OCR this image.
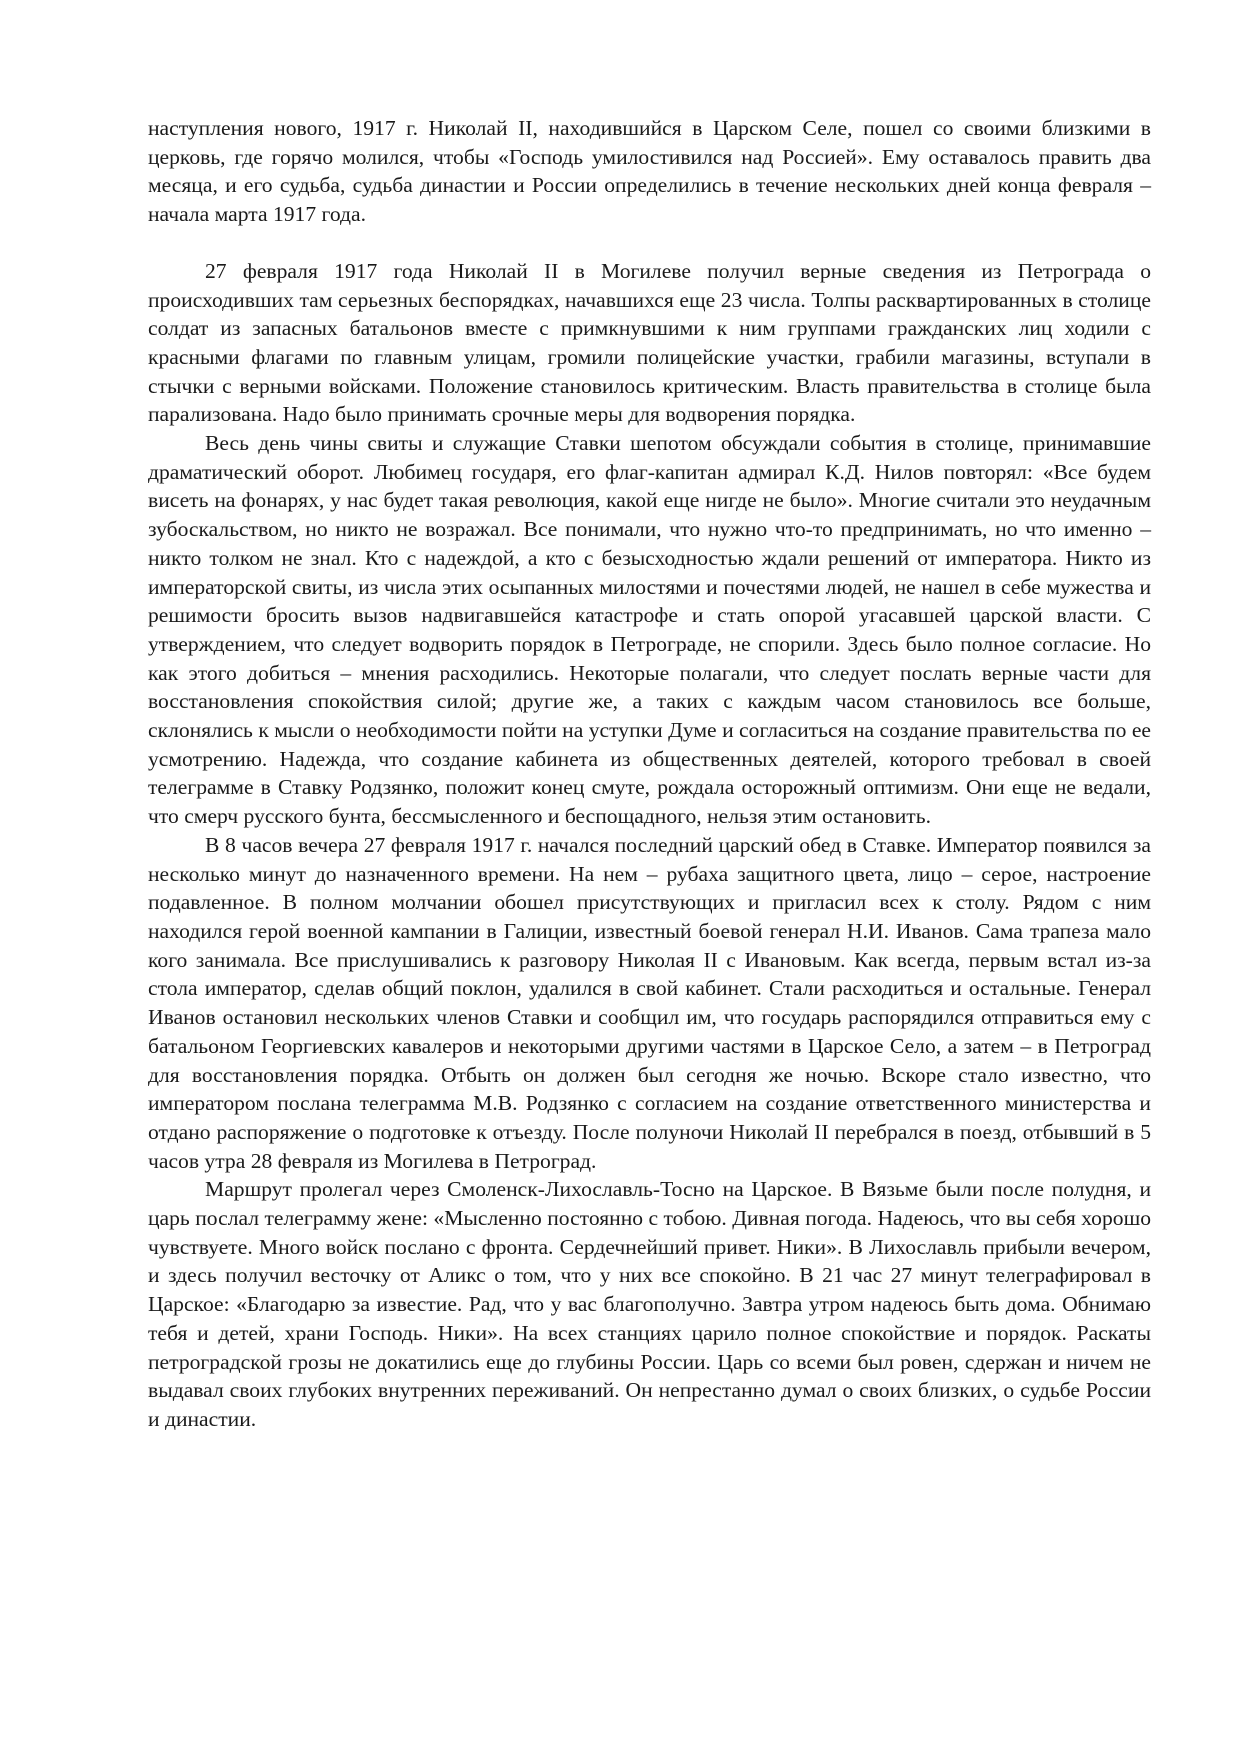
наступления нового, 1917 г. Николай II, находившийся в Царском Селе, пошел со своими близкими в церковь, где горячо молился, чтобы «Господь умилостивился над Россией». Ему оставалось править два месяца, и его судьба, судьба династии и России определились в течение нескольких дней конца февраля – начала марта 1917 года.

27 февраля 1917 года Николай II в Могилеве получил верные сведения из Петрограда о происходивших там серьезных беспорядках, начавшихся еще 23 числа. Толпы расквартированных в столице солдат из запасных батальонов вместе с примкнувшими к ним группами гражданских лиц ходили с красными флагами по главным улицам, громили полицейские участки, грабили магазины, вступали в стычки с верными войсками. Положение становилось критическим. Власть правительства в столице была парализована. Надо было принимать срочные меры для водворения порядка.

Весь день чины свиты и служащие Ставки шепотом обсуждали события в столице, принимавшие драматический оборот. Любимец государя, его флаг-капитан адмирал К.Д. Нилов повторял: «Все будем висеть на фонарях, у нас будет такая революция, какой еще нигде не было». Многие считали это неудачным зубоскальством, но никто не возражал. Все понимали, что нужно что-то предпринимать, но что именно – никто толком не знал. Кто с надеждой, а кто с безысходностью ждали решений от императора. Никто из императорской свиты, из числа этих осыпанных милостями и почестями людей, не нашел в себе мужества и решимости бросить вызов надвигавшейся катастрофе и стать опорой угасавшей царской власти. С утверждением, что следует водворить порядок в Петрограде, не спорили. Здесь было полное согласие. Но как этого добиться – мнения расходились. Некоторые полагали, что следует послать верные части для восстановления спокойствия силой; другие же, а таких с каждым часом становилось все больше, склонялись к мысли о необходимости пойти на уступки Думе и согласиться на создание правительства по ее усмотрению. Надежда, что создание кабинета из общественных деятелей, которого требовал в своей телеграмме в Ставку Родзянко, положит конец смуте, рождала осторожный оптимизм. Они еще не ведали, что смерч русского бунта, бессмысленного и беспощадного, нельзя этим остановить.

В 8 часов вечера 27 февраля 1917 г. начался последний царский обед в Ставке. Император появился за несколько минут до назначенного времени. На нем – рубаха защитного цвета, лицо – серое, настроение подавленное. В полном молчании обошел присутствующих и пригласил всех к столу. Рядом с ним находился герой военной кампании в Галиции, известный боевой генерал Н.И. Иванов. Сама трапеза мало кого занимала. Все прислушивались к разговору Николая II с Ивановым. Как всегда, первым встал из-за стола император, сделав общий поклон, удалился в свой кабинет. Стали расходиться и остальные. Генерал Иванов остановил нескольких членов Ставки и сообщил им, что государь распорядился отправиться ему с батальоном Георгиевских кавалеров и некоторыми другими частями в Царское Село, а затем – в Петроград для восстановления порядка. Отбыть он должен был сегодня же ночью. Вскоре стало известно, что императором послана телеграмма М.В. Родзянко с согласием на создание ответственного министерства и отдано распоряжение о подготовке к отъезду. После полуночи Николай II перебрался в поезд, отбывший в 5 часов утра 28 февраля из Могилева в Петроград.

Маршрут пролегал через Смоленск-Лихославль-Тосно на Царское. В Вязьме были после полудня, и царь послал телеграмму жене: «Мысленно постоянно с тобою. Дивная погода. Надеюсь, что вы себя хорошо чувствуете. Много войск послано с фронта. Сердечнейший привет. Ники». В Лихославль прибыли вечером, и здесь получил весточку от Аликс о том, что у них все спокойно. В 21 час 27 минут телеграфировал в Царское: «Благодарю за известие. Рад, что у вас благополучно. Завтра утром надеюсь быть дома. Обнимаю тебя и детей, храни Господь. Ники». На всех станциях царило полное спокойствие и порядок. Раскаты петроградской грозы не докатились еще до глубины России. Царь со всеми был ровен, сдержан и ничем не выдавал своих глубоких внутренних переживаний. Он непрестанно думал о своих близких, о судьбе России и династии.
